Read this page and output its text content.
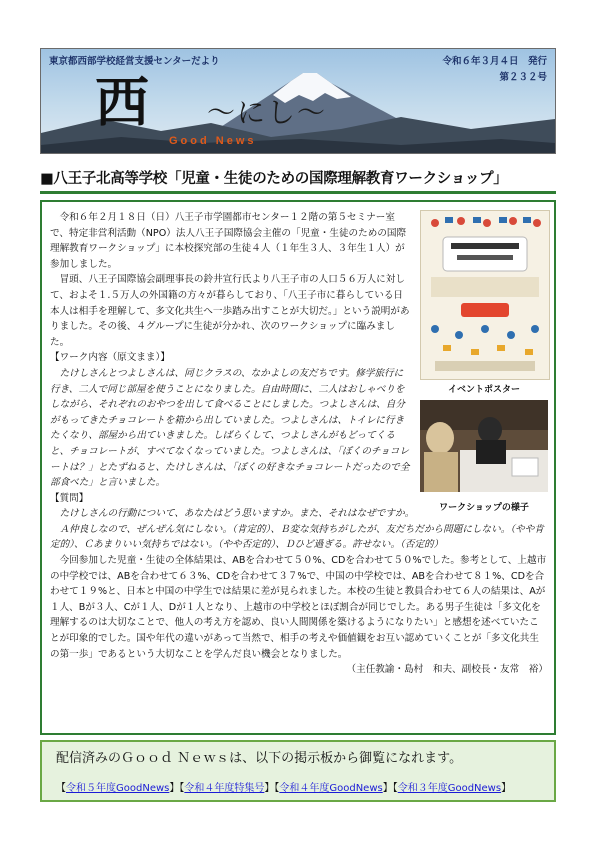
東京都西部学校経営支援センターだより	令和６年３月４日　発行
第２３２号
西 ～にし～
Good News
■八王子北高等学校「児童・生徒のための国際理解教育ワークショップ」

令和６年２月１８日（日）八王子市学園都市センター１２階の第５セミナー室で、特定非営利活動（NPO）法人八王子国際協会主催の「児童・生徒のための国際理解教育ワークショップ」に本校探究部の生徒４人（１年生３人、３年生１人）が参加しました。

冒頭、八王子国際協会副理事長の鈴井宣行氏より八王子市の人口５６万人に対して、およそ１.５万人の外国籍の方々が暮らしており、「八王子市に暮らしている日本人は相手を理解して、多文化共生へ一歩踏み出すことが大切だ。」という説明がありました。その後、４グループに生徒が分かれ、次のワークショップに臨みました。

【ワーク内容（原文まま）】

たけしさんとつよしさんは、同じクラスの、なかよしの友だちです。修学旅行に行き、二人で同じ部屋を使うことになりました。自由時間に、二人はおしゃべりをしながら、それぞれのおやつを出して食べることにしました。つよしさんは、自分がもってきたチョコレートを箱から出していました。つよしさんは、トイレに行きたくなり、部屋から出ていきました。しばらくして、つよしさんがもどってくると、チョコレートが、すべてなくなっていました。つよしさんは、「ぼくのチョコレートは？」とたずねると、たけしさんは、「ぼくの好きなチョコレートだったので全部食べた」と言いました。

【質問】

たけしさんの行動について、あなたはどう思いますか。また、それはなぜですか。

Ａ仲良しなので、ぜんぜん気にしない。（肯定的）、Ｂ変な気持ちがしたが、友だちだから問題にしない。（やや肯定的）、Ｃあまりいい気持ちではない。（やや否定的）、Ｄひど過ぎる。許せない。（否定的）

今回参加した児童・生徒の全体結果は、ABを合わせて５０%、CDを合わせて５０%でした。参考として、上越市の中学校では、ABを合わせて６３%、CDを合わせて３７%で、中国の中学校では、ABを合わせて８１%、CDを合わせて１９%と、日本と中国の中学生では結果に差が見られました。本校の生徒と教員合わせて６人の結果は、Aが１人、Bが３人、Cが１人、Dが１人となり、上越市の中学校とほぼ割合が同じでした。ある男子生徒は「多文化を理解するのは大切なことで、他人の考え方を認め、良い人間関係を築けるようになりたい」と感想を述べていたことが印象的でした。国や年代の違いがあって当然で、相手の考えや価値観をお互い認めていくことが「多文化共生の第一歩」であるという大切なことを学んだ良い機会となりました。

（主任教諭・島村　和夫、副校長・友常　裕）

イベントポスター
ワークショップの様子
配信済みのＧｏｏｄ Ｎｅｗｓは、以下の掲示板から御覧になれます。
【令和５年度GoodNews】【令和４年度特集号】【令和４年度GoodNews】【令和３年度GoodNews】
